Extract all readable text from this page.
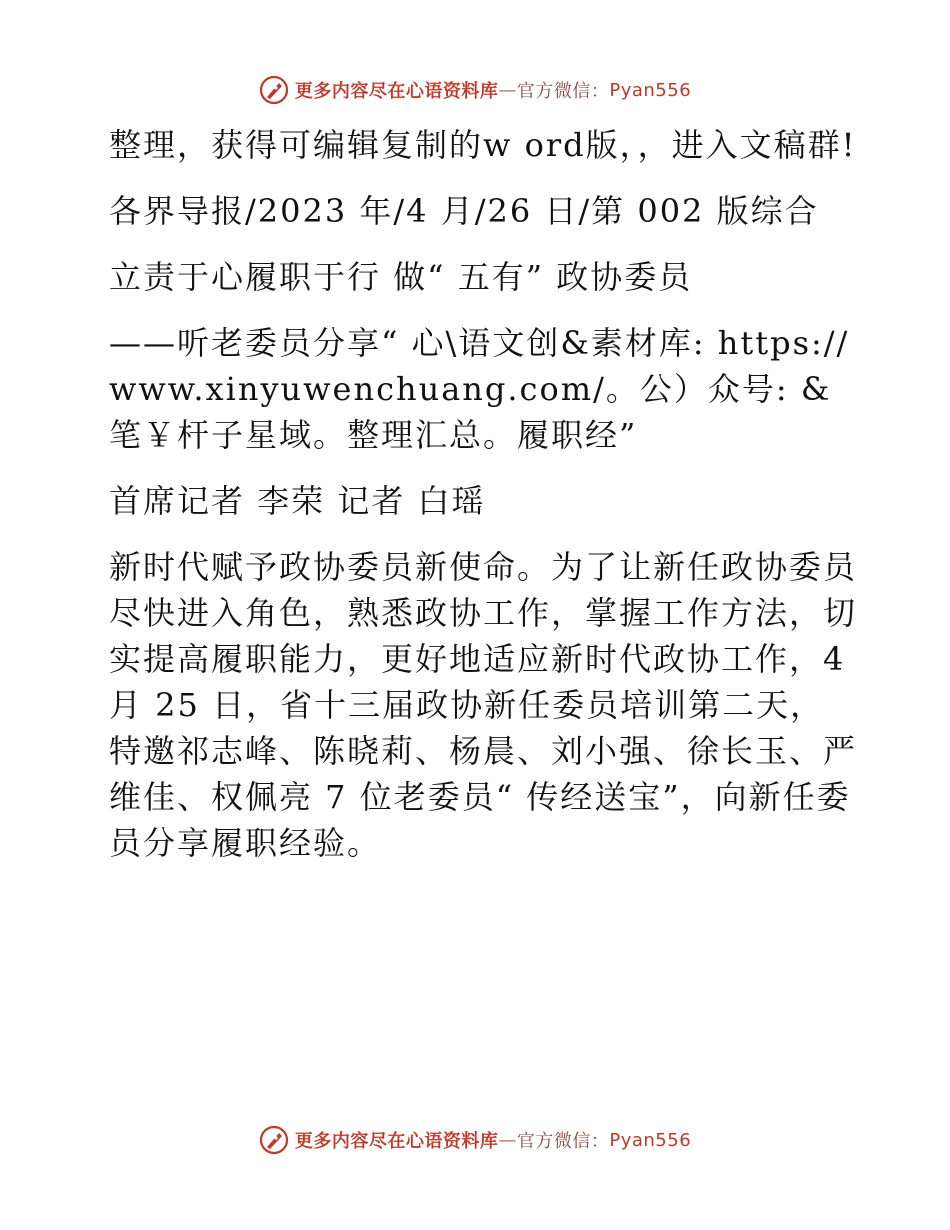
更多内容尽在心语资料库 — 官方微信： Pyan556

整理，获得可编辑复制的w ord版，，进入文稿群!

各界导报/2023 年/4 月/26 日/第 002 版综合

立责于心履职于行 做“ 五有” 政协委员

——听老委员分享“ 心\语文创&素材库: https://www.xinyuwenchuang.com/。公）众号: &笔￥杆子星域。整理汇总。履职经”

首席记者 李荣 记者 白瑶

新时代赋予政协委员新使命。为了让新任政协委员尽快进入角色，熟悉政协工作，掌握工作方法，切实提高履职能力，更好地适应新时代政协工作，4 月 25 日，省十三届政协新任委员培训第二天，特邀祁志峰、陈晓莉、杨晨、刘小强、徐长玉、严维佳、权佩亮 7 位老委员“ 传经送宝”，向新任委员分享履职经验。

更多内容尽在心语资料库 — 官方微信： Pyan556
